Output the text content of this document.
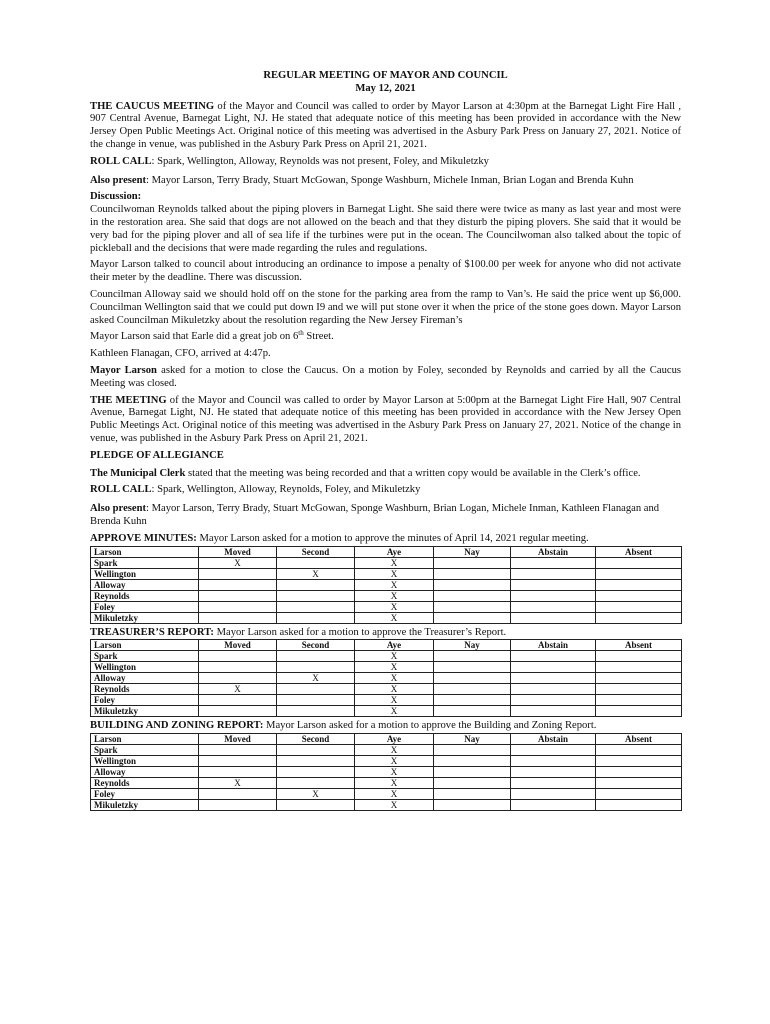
REGULAR MEETING OF MAYOR AND COUNCIL

May 12, 2021

THE CAUCUS MEETING of the Mayor and Council was called to order by Mayor Larson at 4:30pm at the Barnegat Light Fire Hall , 907 Central Avenue, Barnegat Light, NJ. He stated that adequate notice of this meeting has been provided in accordance with the New Jersey Open Public Meetings Act. Original notice of this meeting was advertised in the Asbury Park Press on January 27, 2021. Notice of the change in venue, was published in the Asbury Park Press on April 21, 2021.

ROLL CALL: Spark, Wellington, Alloway, Reynolds was not present, Foley, and Mikuletzky

Also present: Mayor Larson, Terry Brady, Stuart McGowan, Sponge Washburn, Michele Inman, Brian Logan and Brenda Kuhn

Discussion:

Councilwoman Reynolds talked about the piping plovers in Barnegat Light. She said there were twice as many as last year and most were in the restoration area. She said that dogs are not allowed on the beach and that they disturb the piping plovers. She said that it would be very bad for the piping plover and all of sea life if the turbines were put in the ocean. The Councilwoman also talked about the topic of pickleball and the decisions that were made regarding the rules and regulations.

Mayor Larson talked to council about introducing an ordinance to impose a penalty of $100.00 per week for anyone who did not activate their meter by the deadline. There was discussion.

Councilman Alloway said we should hold off on the stone for the parking area from the ramp to Van’s. He said the price went up $6,000. Councilman Wellington said that we could put down I9 and we will put stone over it when the price of the stone goes down. Mayor Larson asked Councilman Mikuletzky about the resolution regarding the New Jersey Fireman’s

Mayor Larson said that Earle did a great job on 6th Street.

Kathleen Flanagan, CFO, arrived at 4:47p.

Mayor Larson asked for a motion to close the Caucus. On a motion by Foley, seconded by Reynolds and carried by all the Caucus Meeting was closed.

THE MEETING of the Mayor and Council was called to order by Mayor Larson at 5:00pm at the Barnegat Light Fire Hall, 907 Central Avenue, Barnegat Light, NJ. He stated that adequate notice of this meeting has been provided in accordance with the New Jersey Open Public Meetings Act. Original notice of this meeting was advertised in the Asbury Park Press on January 27, 2021. Notice of the change in venue, was published in the Asbury Park Press on April 21, 2021.

PLEDGE OF ALLEGIANCE

The Municipal Clerk stated that the meeting was being recorded and that a written copy would be available in the Clerk’s office.

ROLL CALL: Spark, Wellington, Alloway, Reynolds, Foley, and Mikuletzky

Also present: Mayor Larson, Terry Brady, Stuart McGowan, Sponge Washburn, Brian Logan, Michele Inman, Kathleen Flanagan and Brenda Kuhn

APPROVE MINUTES: Mayor Larson asked for a motion to approve the minutes of April 14, 2021 regular meeting.

Larson	Moved	Second	Aye	Nay	Abstain	Absent
Spark	X		X			
Wellington		X	X			
Alloway			X			
Reynolds			X			
Foley			X			
Mikuletzky			X			

TREASURER’S REPORT: Mayor Larson asked for a motion to approve the Treasurer’s Report.

Larson	Moved	Second	Aye	Nay	Abstain	Absent
Spark			X			
Wellington			X			
Alloway		X	X			
Reynolds	X		X			
Foley			X			
Mikuletzky			X			

BUILDING AND ZONING REPORT: Mayor Larson asked for a motion to approve the Building and Zoning Report.

Larson	Moved	Second	Aye	Nay	Abstain	Absent
Spark			X			
Wellington			X			
Alloway			X			
Reynolds	X		X			
Foley		X	X			
Mikuletzky			X			
